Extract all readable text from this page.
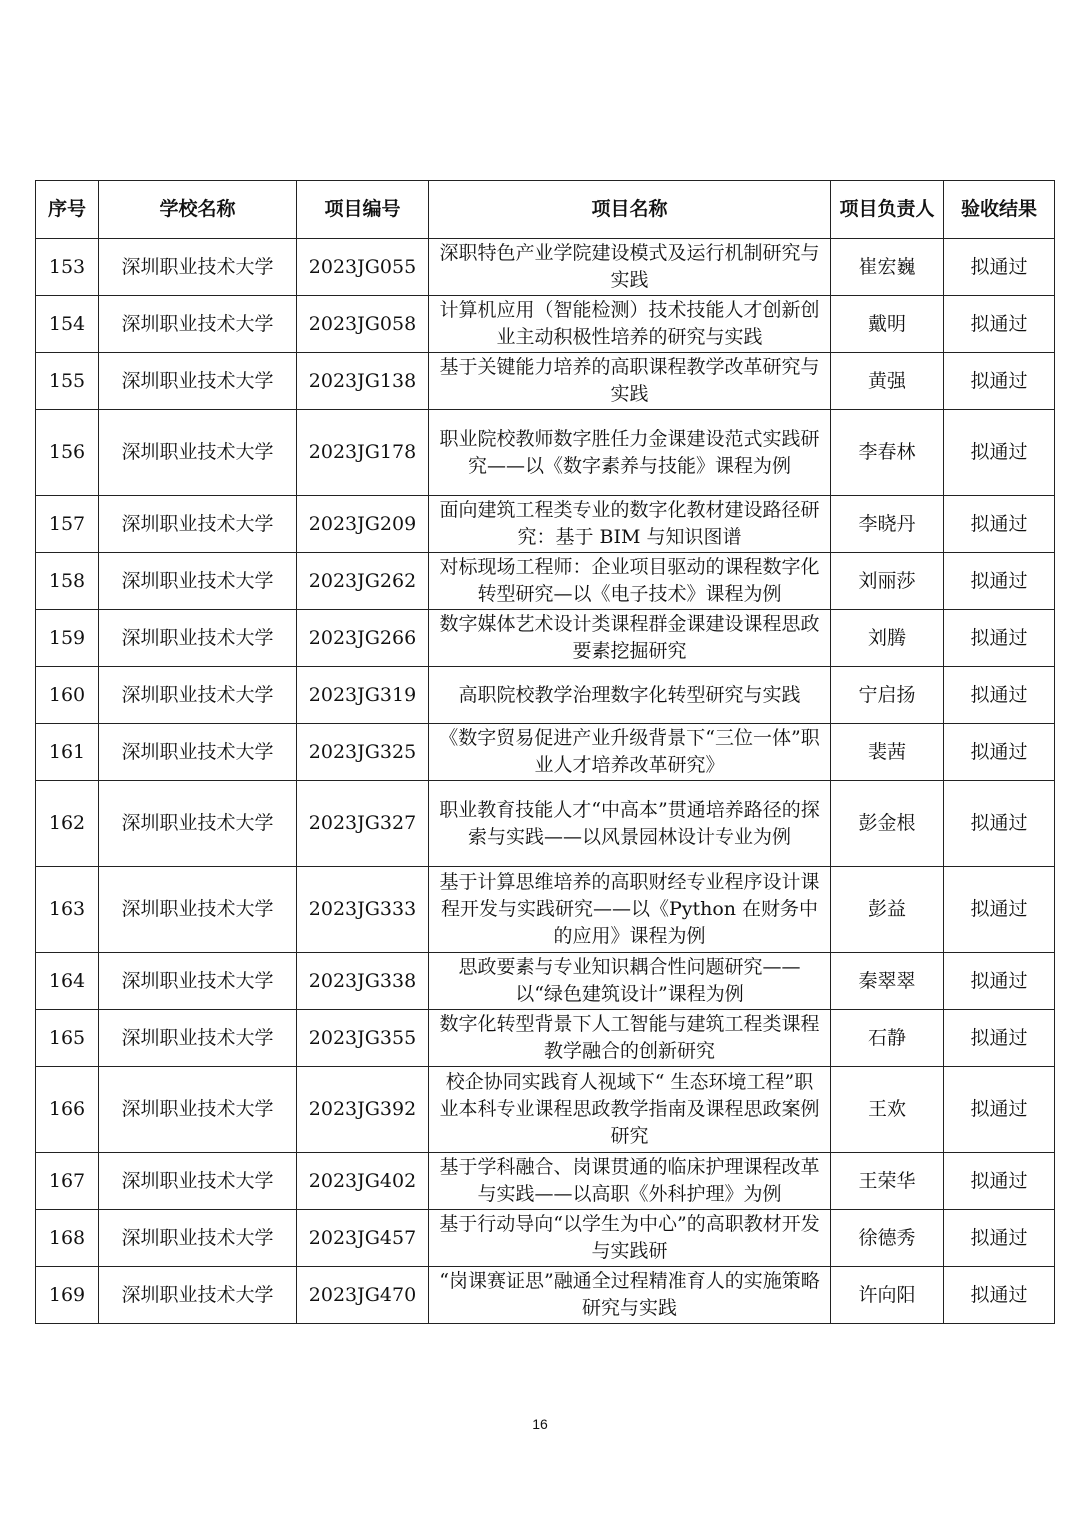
序号	学校名称	项目编号	项目名称	项目负责人	验收结果
153	深圳职业技术大学	2023JG055	深职特色产业学院建设模式及运行机制研究与实践	崔宏巍	拟通过
154	深圳职业技术大学	2023JG058	计算机应用（智能检测）技术技能人才创新创业主动积极性培养的研究与实践	戴明	拟通过
155	深圳职业技术大学	2023JG138	基于关键能力培养的高职课程教学改革研究与实践	黄强	拟通过
156	深圳职业技术大学	2023JG178	职业院校教师数字胜任力金课建设范式实践研究——以《数字素养与技能》课程为例	李春林	拟通过
157	深圳职业技术大学	2023JG209	面向建筑工程类专业的数字化教材建设路径研究：基于 BIM 与知识图谱	李晓丹	拟通过
158	深圳职业技术大学	2023JG262	对标现场工程师：企业项目驱动的课程数字化转型研究—以《电子技术》课程为例	刘丽莎	拟通过
159	深圳职业技术大学	2023JG266	数字媒体艺术设计类课程群金课建设课程思政要素挖掘研究	刘腾	拟通过
160	深圳职业技术大学	2023JG319	高职院校教学治理数字化转型研究与实践	宁启扬	拟通过
161	深圳职业技术大学	2023JG325	《数字贸易促进产业升级背景下“三位一体”职业人才培养改革研究》	裴茜	拟通过
162	深圳职业技术大学	2023JG327	职业教育技能人才“中高本”贯通培养路径的探索与实践——以风景园林设计专业为例	彭金根	拟通过
163	深圳职业技术大学	2023JG333	基于计算思维培养的高职财经专业程序设计课程开发与实践研究——以《Python 在财务中的应用》课程为例	彭益	拟通过
164	深圳职业技术大学	2023JG338	思政要素与专业知识耦合性问题研究——以“绿色建筑设计”课程为例	秦翠翠	拟通过
165	深圳职业技术大学	2023JG355	数字化转型背景下人工智能与建筑工程类课程教学融合的创新研究	石静	拟通过
166	深圳职业技术大学	2023JG392	校企协同实践育人视域下“ 生态环境工程”职业本科专业课程思政教学指南及课程思政案例研究	王欢	拟通过
167	深圳职业技术大学	2023JG402	基于学科融合、岗课贯通的临床护理课程改革与实践——以高职《外科护理》为例	王荣华	拟通过
168	深圳职业技术大学	2023JG457	基于行动导向“以学生为中心”的高职教材开发与实践研	徐德秀	拟通过
169	深圳职业技术大学	2023JG470	“岗课赛证思”融通全过程精准育人的实施策略研究与实践	许向阳	拟通过
16
